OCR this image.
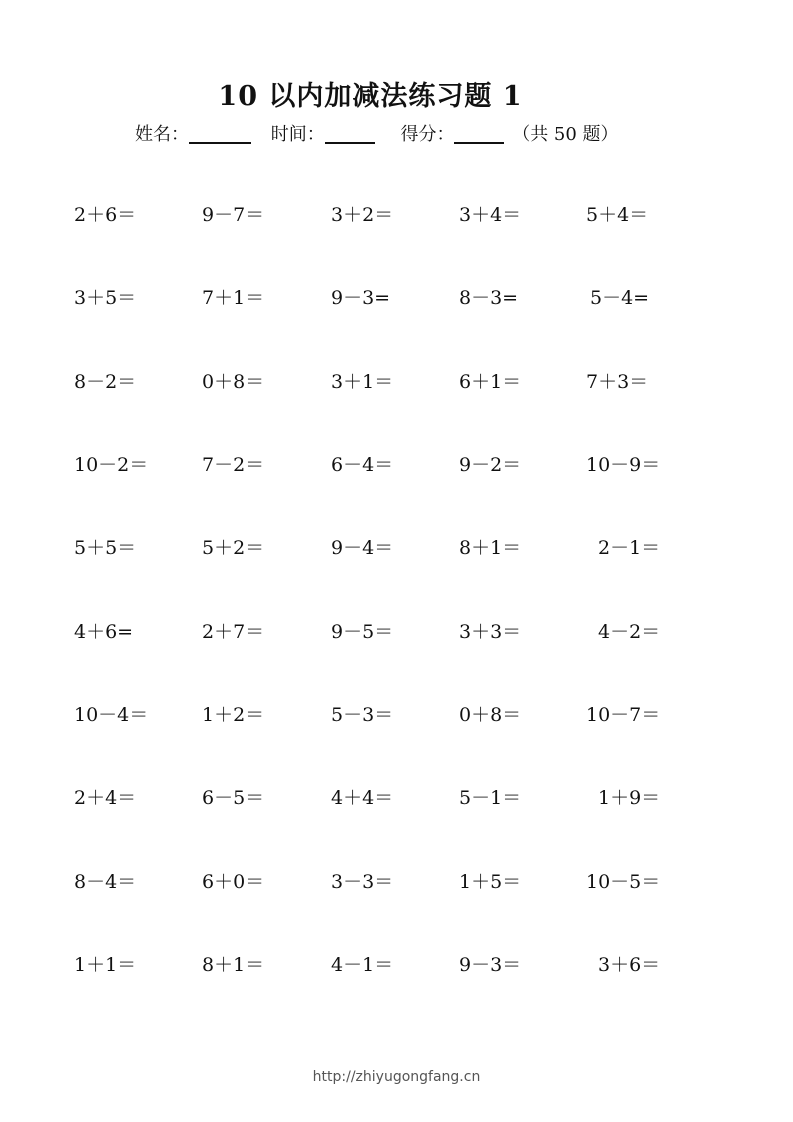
10 以内加减法练习题 1
姓名：	时间：	得分：	（共 50 题）
2＋6＝	9－7＝	3＋2＝	3＋4＝	5＋4＝
3＋5＝	7＋1＝	9－3=	8－3=	5－4=
8－2＝	0＋8＝	3＋1＝	6＋1＝	7＋3＝
10－2＝	7－2＝	6－4＝	9－2＝	10－9＝
5＋5＝	5＋2＝	9－4＝	8＋1＝	2－1＝
4＋6=	2＋7＝	9－5＝	3＋3＝	4－2＝
10－4＝	1＋2＝	5－3＝	0＋8＝	10－7＝
2＋4＝	6－5＝	4＋4＝	5－1＝	1＋9＝
8－4＝	6＋0＝	3－3＝	1＋5＝	10－5＝
1＋1＝	8＋1＝	4－1＝	9－3＝	3＋6＝
http://zhiyugongfang.cn
